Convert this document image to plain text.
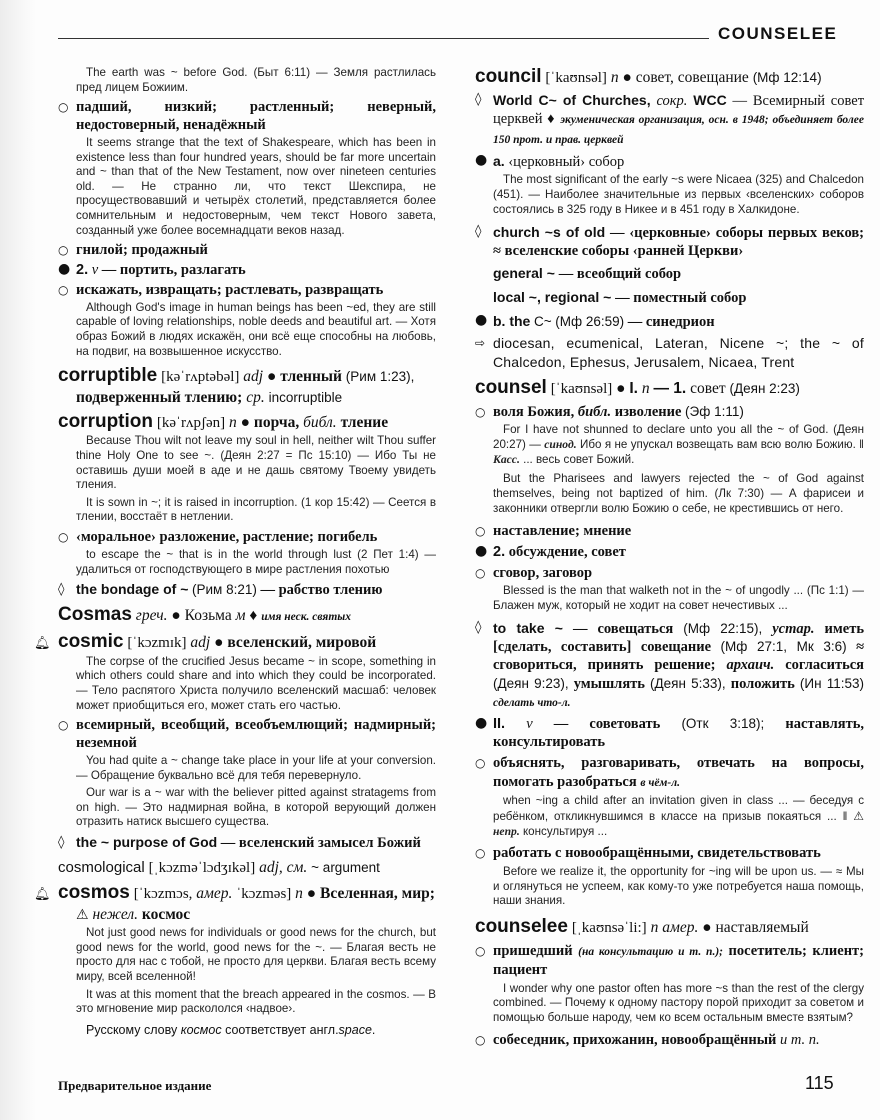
COUNSELEE
The earth was ~ before God. (Быт 6:11) — Земля растлилась пред лицем Божиим.
○ падший, низкий; растленный; неверный, недостоверный, ненадёжный
It seems strange that the text of Shakespeare, which has been in existence less than four hundred years, should be far more uncertain and ~ than that of the New Testament, now over nineteen centuries old. — Не странно ли, что текст Шекспира, не просуществовавший и четырёх столетий, представляется более сомнительным и недостоверным, чем текст Нового завета, созданный уже более восемнадцати веков назад.
○ гнилой; продажный
● 2. v — портить, разлагать
○ искажать, извращать; растлевать, развращать
Although God's image in human beings has been ~ed, they are still capable of loving relationships, noble deeds and beautiful art. — Хотя образ Божий в людях искажён, они всё еще способны на любовь, на подвиг, на возвышенное искусство.
corruptible [kəˈrʌptəbəl] adj ● тленный (Рим 1:23),
подверженный тлению; ср. incorruptible
corruption [kəˈrʌpʃən] n ● порча, библ. тление
Because Thou wilt not leave my soul in hell, neither wilt Thou suffer thine Holy One to see ~. (Деян 2:27 = Пс 15:10) — Ибо Ты не оставишь души моей в аде и не дашь святому Твоему увидеть тления.
It is sown in ~; it is raised in incorruption. (1 кор 15:42) — Сеется в тлении, восстаёт в нетлении.
○ ‹моральное› разложение, растление; погибель
to escape the ~ that is in the world through lust (2 Пет 1:4) — удалиться от господствующего в мире растления похотью
◊ the bondage of ~ (Рим 8:21) — рабство тлению
Cosmas греч. ● Козьма м ♦ имя неск. святых
🔔︎ cosmic [ˈkɔzmɪk] adj ● вселенский, мировой
The corpse of the crucified Jesus became ~ in scope, something in which others could share and into which they could be incorporated. — Тело распятого Христа получило вселенский масшаб: человек может приобщиться его, может стать его частью.
○ всемирный, всеобщий, всеобъемлющий; надмирный; неземной
You had quite a ~ change take place in your life at your conversion. — Обращение буквально всё для тебя перевернуло.
Our war is a ~ war with the believer pitted against stratagems from on high. — Это надмирная война, в которой верующий должен отразить натиск высшего существа.
◊ the ~ purpose of God — вселенский замысел Божий
cosmological [ˌkɔzməˈlɔdʒɪkəl] adj, см. ~ argument
🔔︎ cosmos [ˈkɔzmɔs, амер. ˈkɔzməs] n ● Вселенная, мир;
⚠ нежел. космос
Not just good news for individuals or good news for the church, but good news for the world, good news for the ~. — Благая весть не просто для нас с тобой, не просто для церкви. Благая весть всему миру, всей вселенной!
It was at this moment that the breach appeared in the cosmos. — В это мгновение мир раскололся ‹надвое›.
Русскому слову космос соответствует англ.space.
council [ˈkaʊnsəl] n ● совет, совещание (Мф 12:14)
◊ World C~ of Churches, сокр. WCC — Всемирный совет церквей ♦ экуменическая организация, осн. в 1948; объединяет более 150 прот. и прав. церквей
● a. ‹церковный› собор
The most significant of the early ~s were Nicaea (325) and Chalcedon (451). — Наиболее значительные из первых ‹вселенских› соборов состоялись в 325 году в Никее и в 451 году в Халкидоне.
◊ church ~s of old — ‹церковные› соборы первых веков; ≈ вселенские соборы ‹ранней Церкви›
general ~ — всеобщий собор
local ~, regional ~ — поместный собор
● b. the C~ (Мф 26:59) — синедрион
⇨ diocesan, ecumenical, Lateran, Nicene ~; the ~ of Chalcedon, Ephesus, Jerusalem, Nicaea, Trent
counsel [ˈkaʊnsəl] ● I. n — 1. совет (Деян 2:23)
○ воля Божия, библ. изволение (Эф 1:11)
For I have not shunned to declare unto you all the ~ of God. (Деян 20:27) — синод. Ибо я не упускал возвещать вам всю волю Божию. ‖ Касс. ... весь совет Божий.
But the Pharisees and lawyers rejected the ~ of God against themselves, being not baptized of him. (Лк 7:30) — А фарисеи и законники отвергли волю Божию о себе, не крестившись от него.
○ наставление; мнение
● 2. обсуждение, совет
○ сговор, заговор
Blessed is the man that walketh not in the ~ of ungodly ... (Пс 1:1) — Блажен муж, который не ходит на совет нечестивых ...
◊ to take ~ — совещаться (Мф 22:15), устар. иметь [сделать, составить] совещание (Мф 27:1, Мк 3:6) ≈ сговориться, принять решение; архаич. согласиться (Деян 9:23), умышлять (Деян 5:33), положить (Ин 11:53) сделать что-л.
● II. v — советовать (Отк 3:18); наставлять, консультировать
○ объяснять, разговаривать, отвечать на вопросы, помогать разобраться в чём-л.
when ~ing a child after an invitation given in class ... — беседуя с ребёнком, откликнувшимся в классе на призыв покаяться ... ‖ ⚠ непр. консультируя ...
○ работать с новообращёнными, свидетельствовать
Before we realize it, the opportunity for ~ing will be upon us. — ≈ Мы и оглянуться не успеем, как кому-то уже потребуется наша помощь, наши знания.
counselee [ˌkaʊnsəˈli:] n амер. ● наставляемый
○ пришедший (на консультацию и т. п.); посетитель; клиент; пациент
I wonder why one pastor often has more ~s than the rest of the clergy combined. — Почему к одному пастору порой приходит за советом и помощью больше народу, чем ко всем остальным вместе взятым?
○ собеседник, прихожанин, новообращённый и т. п.
Предварительное издание	115
